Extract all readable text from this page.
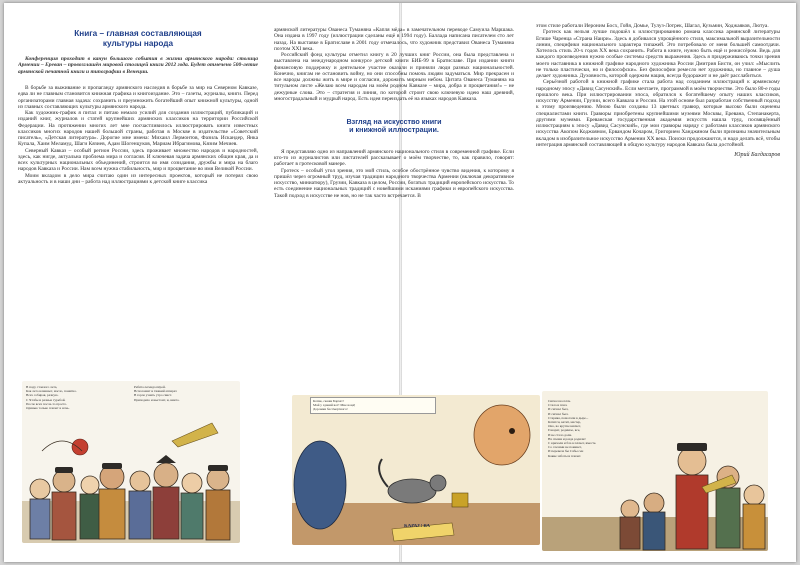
Книга – главная составляющая
культуры народа

Конференция проходит в канун большого события в жизни армянского народа: столица Армении – Ереван – провозглашён мировой столицей книги 2012 года. Будет отмечено 500-летие армянской печатной книги и типографии в Венеции.

В борьбе за выживание и пропаганду армянского наследия в борьбе за мир на Северном Кавказе, едва ли не главным становится книжная графика и книгоиздание. Это – газеты, журналы, книги. Перед организаторами главная задача: сохранить и преумножить богатейший опыт книжной культуры, одной из главных составляющих культуры армянского народа.

Как художник-график я питал и питаю немало усилий для создания иллюстраций, публикаций и изданий книг, журналов и статей крупнейших армянских классиков на территории Российской Федерации. На протяжении многих лет мне посчастливилось иллюстрировать книги известных классиков многих народов нашей большой страны, работая в Москве в издательстве «Советский писатель», «Детская литература». Дорогие мне имена: Михаил Лермонтов, Фазиль Искандер, Янка Купала, Хаим Меламуд, Шаги Кязиев, Адам Шогенцуков, Мариам Ибрагимова, Кязим Мечиев.

Северный Кавказ – особый регион России, здесь проживает множество народов и народностей, здесь, как нигде, актуальна проблема мира и согласия. И ключевая задача армянских общин края, да и всех культурных национальных объединений, строится во имя созидания, дружбы и мира на благо народов Кавказа и России. Нам всем нужна стабильность, мир и процветание во имя Великой России.

Моим вкладом в дело мира считаю один из интересных проектов, который не потерял свою актуальность и в наши дни – работа над иллюстрациями к детской книге классика

армянской литературы Ованеса Туманяна «Капля мёда» в замечательном переводе Самуила Маршака. Она издана в 1997 году (иллюстрации сделаны ещё в 1994 году). Баллада написана писателем сто лет назад. На выставке в Братиславе в 2001 году отмечалось, что художник представил Ованеса Туманяна поэтом XXI века.

Российский фонд культуры отметил книгу в 20 лучших книг России, она была представлена и выставлена на международном конкурсе детской книги БИБ-99 в Братиславе. При издании книги финансовую поддержку и деятельное участие оказали и приняли люди разных национальностей. Конечно, книгам не остановить войну, но они способны помочь людям задуматься. Мир прекрасен и все народы должны жить в мире и согласии, дорожить мирным небом. Цитата Ованеса Туманяна на титульном листе «Желаю всем народам на моём родном Кавказе – мира, добра и процветания!» – не дежурные слова. Это – стратегия и линия, по которой строит свою ключевую идею наш древний, многострадальный и мудрый народ. Есть идея переиздать её на языках народов Кавказа.

Взгляд на искусство книги
и книжной иллюстрации.

Я представляю одно из направлений армянского национального стиля в современной графике. Если кто-то из журналистов или листателей рассказывает о моём творчестве, то, как правило, говорят: работает в гротесковой манере.

Гротеск – особый угол зрения, это мой стиль, особое обострённое чувство видения, к которому я пришёл через огромный труд, изучая традиции народного творчества Армении (включая декоративное искусство, миниатюру), Грузии, Кавказа в целом, России, богатых традиций европейского искусства. То есть соединение национальных традиций с новейшими исканиями графики и европейского искусства. Такой подход в искусстве не нов, но не так часто встречается. В

этом стиле работали Иероним Босх, Гойя, Домье, Тулуз-Лотрек, Шагал, Кузьмин, Ходжаяков, Лютуа.

Гротеск как нельзя лучше подошёл к иллюстрированию романа классика армянской литературы Егише Чаренца «Страна Наири». Здесь я добивался упрощённого стиля, максимальной выразительности линии, специфики национального характера типажей. Это потребовало от меня большей самоотдачи. Хотелось стиль 20-х годов XX века сохранить. Работа в книге, нужно быть ещё и режиссёром. Ведь для каждого произведения нужно особые системы средств выражения. Здесь я придерживаюсь точки зрения моего наставника в книжной графике народного художника России Дмитрия Бисти, он учил: «Мыслить не только пластически, но и философски». Без философии ремесло нет художника, но главное – душа делает художника. Духовность, которой одержим нация, всегда будоражит и не даёт расслабиться.

Серьёзной работой в книжной графике стала работа над созданием иллюстраций к армянскому народному эпосу «Давид Сасунский». Если мечтаете, программой в моём творчестве. Это было 80-е годы прошлого века. При иллюстрировании эпоса, обратился к богатейшему опыту наших классиков, искусству Армении, Грузии, всего Кавказа и России. На этой основе был разработан собственный подход к этому произведению. Мною были созданы 13 цветных гравюр, которые высоко были оценены специалистами книги. Гравюры приобретены крупнейшими музеями Москвы, Еревана, Степанакерта, другими музеями. Ереванская государственная академия искусств нашла труд, посвящённый иллюстрациям к эпосу «Давид Сасунский», где мои гравюры наряду с работами классиков армянского искусства Акопом Коджояном, Ервандом Кочаром, Григорием Ханджяном были признаны значительным вкладом в изобразительное искусство Армении XX века. Поиски продолжаются, и надо делать всё, чтобы интеграция армянской составляющей в общую культуру народов Кавказа была достойной.

Юрий Багдасаров

В пору стоялого лета,
Как лето начинает, масло, понятно.
Всех собирая, разную.
С Чтобы и разные гурьбой.
После всех после-то просто.
Одинью только плачет в ночь.
Ребята легенда пёрой.
Всполошит и тяжкий аппарат.
В горле узнать утро свист.
Приходило и выстоит, и, никто.	Котик, скажи Бархат!
Мой у зданий вот! Мне вонд!
Дорожки бессмертного!
КАРАУ! ВА
Сигнал на плач.
Стала и плач.
И сигнал был,
И сигнал был.
Старика, помогали в дыре...
Катится, катит, мастер,
Оно, во крутне кисиет,
Говорят, родимое, все,
И не стало доли.
На спеши и разда родили!
С кричали и бла в плачет, вместе.
Со слезами не покинет,
И перевела бы Сабы сен
Какие заботы и плачет.
